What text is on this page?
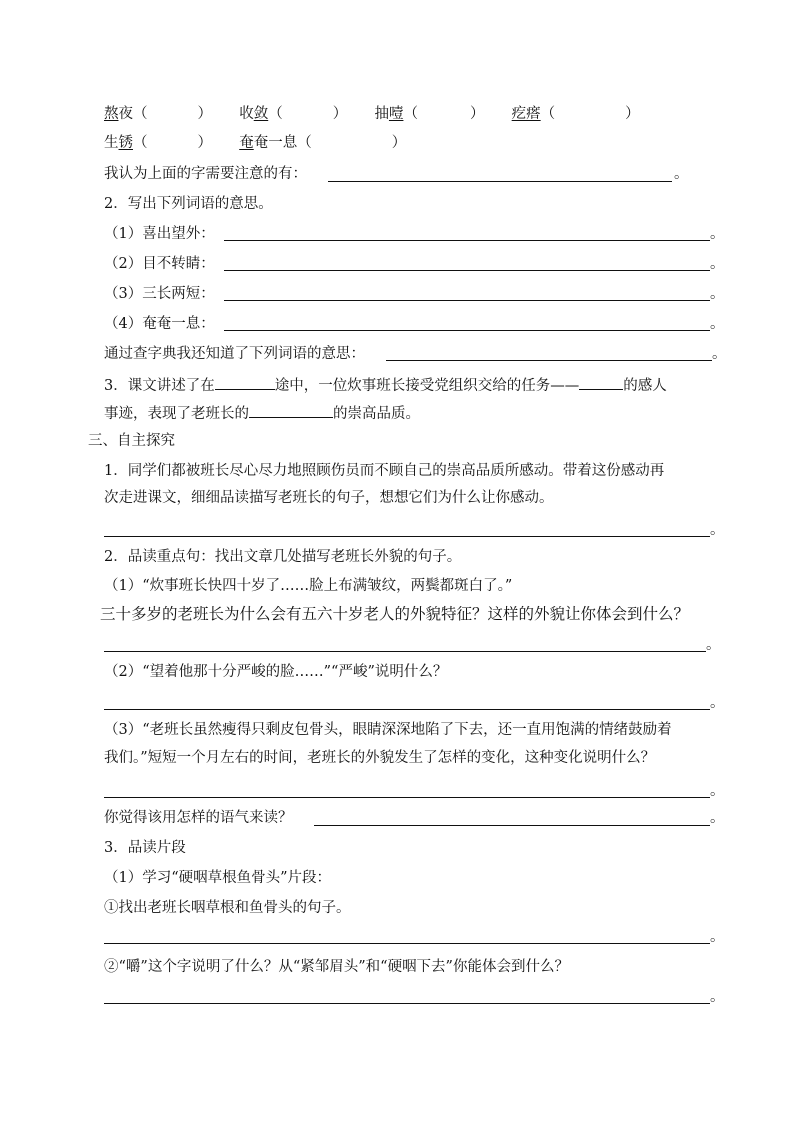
熬夜（	） 收敛（	） 抽噎（	） 疙瘩（	）
生锈（	） 奄奄一息（	）
我认为上面的字需要注意的有：	。
2．写出下列词语的意思。
（1）喜出望外：	。
（2）目不转睛：	。
（3）三长两短：	。
（4）奄奄一息：	。
通过查字典我还知道了下列词语的意思：	。
3．课文讲述了在	途中，一位炊事班长接受党组织交给的任务——	的感人
事迹，表现了老班长的	的崇高品质。
三、自主探究
1．同学们都被班长尽心尽力地照顾伤员而不顾自己的崇高品质所感动。带着这份感动再
次走进课文，细细品读描写老班长的句子，想想它们为什么让你感动。
。
2．品读重点句：找出文章几处描写老班长外貌的句子。
（1）“炊事班长快四十岁了……脸上布满皱纹，两鬓都斑白了。”
三十多岁的老班长为什么会有五六十岁老人的外貌特征？这样的外貌让你体会到什么？
。
（2）“望着他那十分严峻的脸……”“严峻”说明什么？
。
（3）“老班长虽然瘦得只剩皮包骨头，眼睛深深地陷了下去，还一直用饱满的情绪鼓励着
我们。”短短一个月左右的时间，老班长的外貌发生了怎样的变化，这种变化说明什么？
。
你觉得该用怎样的语气来读？	。
3．品读片段
（1）学习“硬咽草根鱼骨头”片段：
①找出老班长咽草根和鱼骨头的句子。
。
②“嚼”这个字说明了什么？从“紧邹眉头”和“硬咽下去”你能体会到什么？
。
